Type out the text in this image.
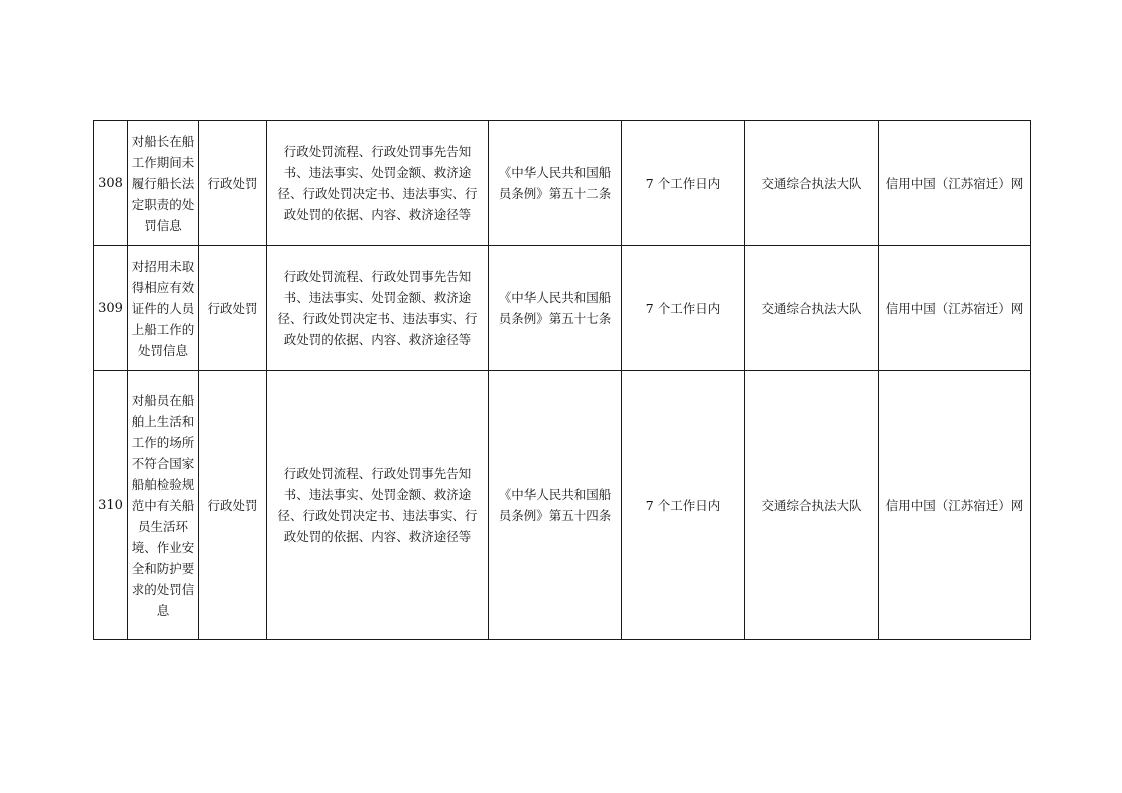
308	对船长在船工作期间未履行船长法定职责的处罚信息	行政处罚	行政处罚流程、行政处罚事先告知书、违法事实、处罚金额、救济途径、行政处罚决定书、违法事实、行政处罚的依据、内容、救济途径等	《中华人民共和国船员条例》第五十二条	7 个工作日内	交通综合执法大队	信用中国（江苏宿迁）网
309	对招用未取得相应有效证件的人员上船工作的处罚信息	行政处罚	行政处罚流程、行政处罚事先告知书、违法事实、处罚金额、救济途径、行政处罚决定书、违法事实、行政处罚的依据、内容、救济途径等	《中华人民共和国船员条例》第五十七条	7 个工作日内	交通综合执法大队	信用中国（江苏宿迁）网
310	对船员在船舶上生活和工作的场所不符合国家船舶检验规范中有关船员生活环境、作业安全和防护要求的处罚信息	行政处罚	行政处罚流程、行政处罚事先告知书、违法事实、处罚金额、救济途径、行政处罚决定书、违法事实、行政处罚的依据、内容、救济途径等	《中华人民共和国船员条例》第五十四条	7 个工作日内	交通综合执法大队	信用中国（江苏宿迁）网
